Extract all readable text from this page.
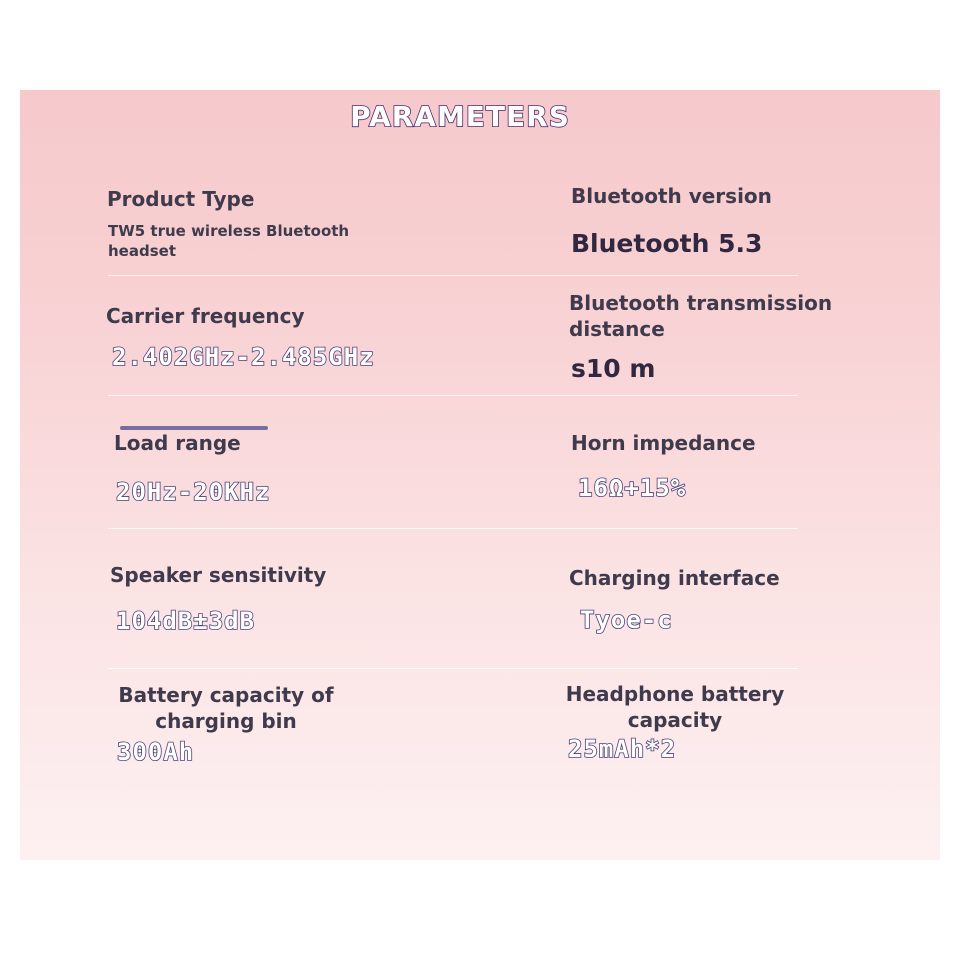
PARAMETERS
Product Type
TW5 true wireless Bluetooth headset
Bluetooth version
Bluetooth 5.3
Carrier frequency
2.402GHz-2.485GHz
Bluetooth transmission distance
s10 m
Load range
20Hz-20KHz
Horn impedance
16Ω+15%
Speaker sensitivity
104dB±3dB
Charging interface
Tyoe-c
Battery capacity of charging bin
300Ah
Headphone battery capacity
25mAh*2
